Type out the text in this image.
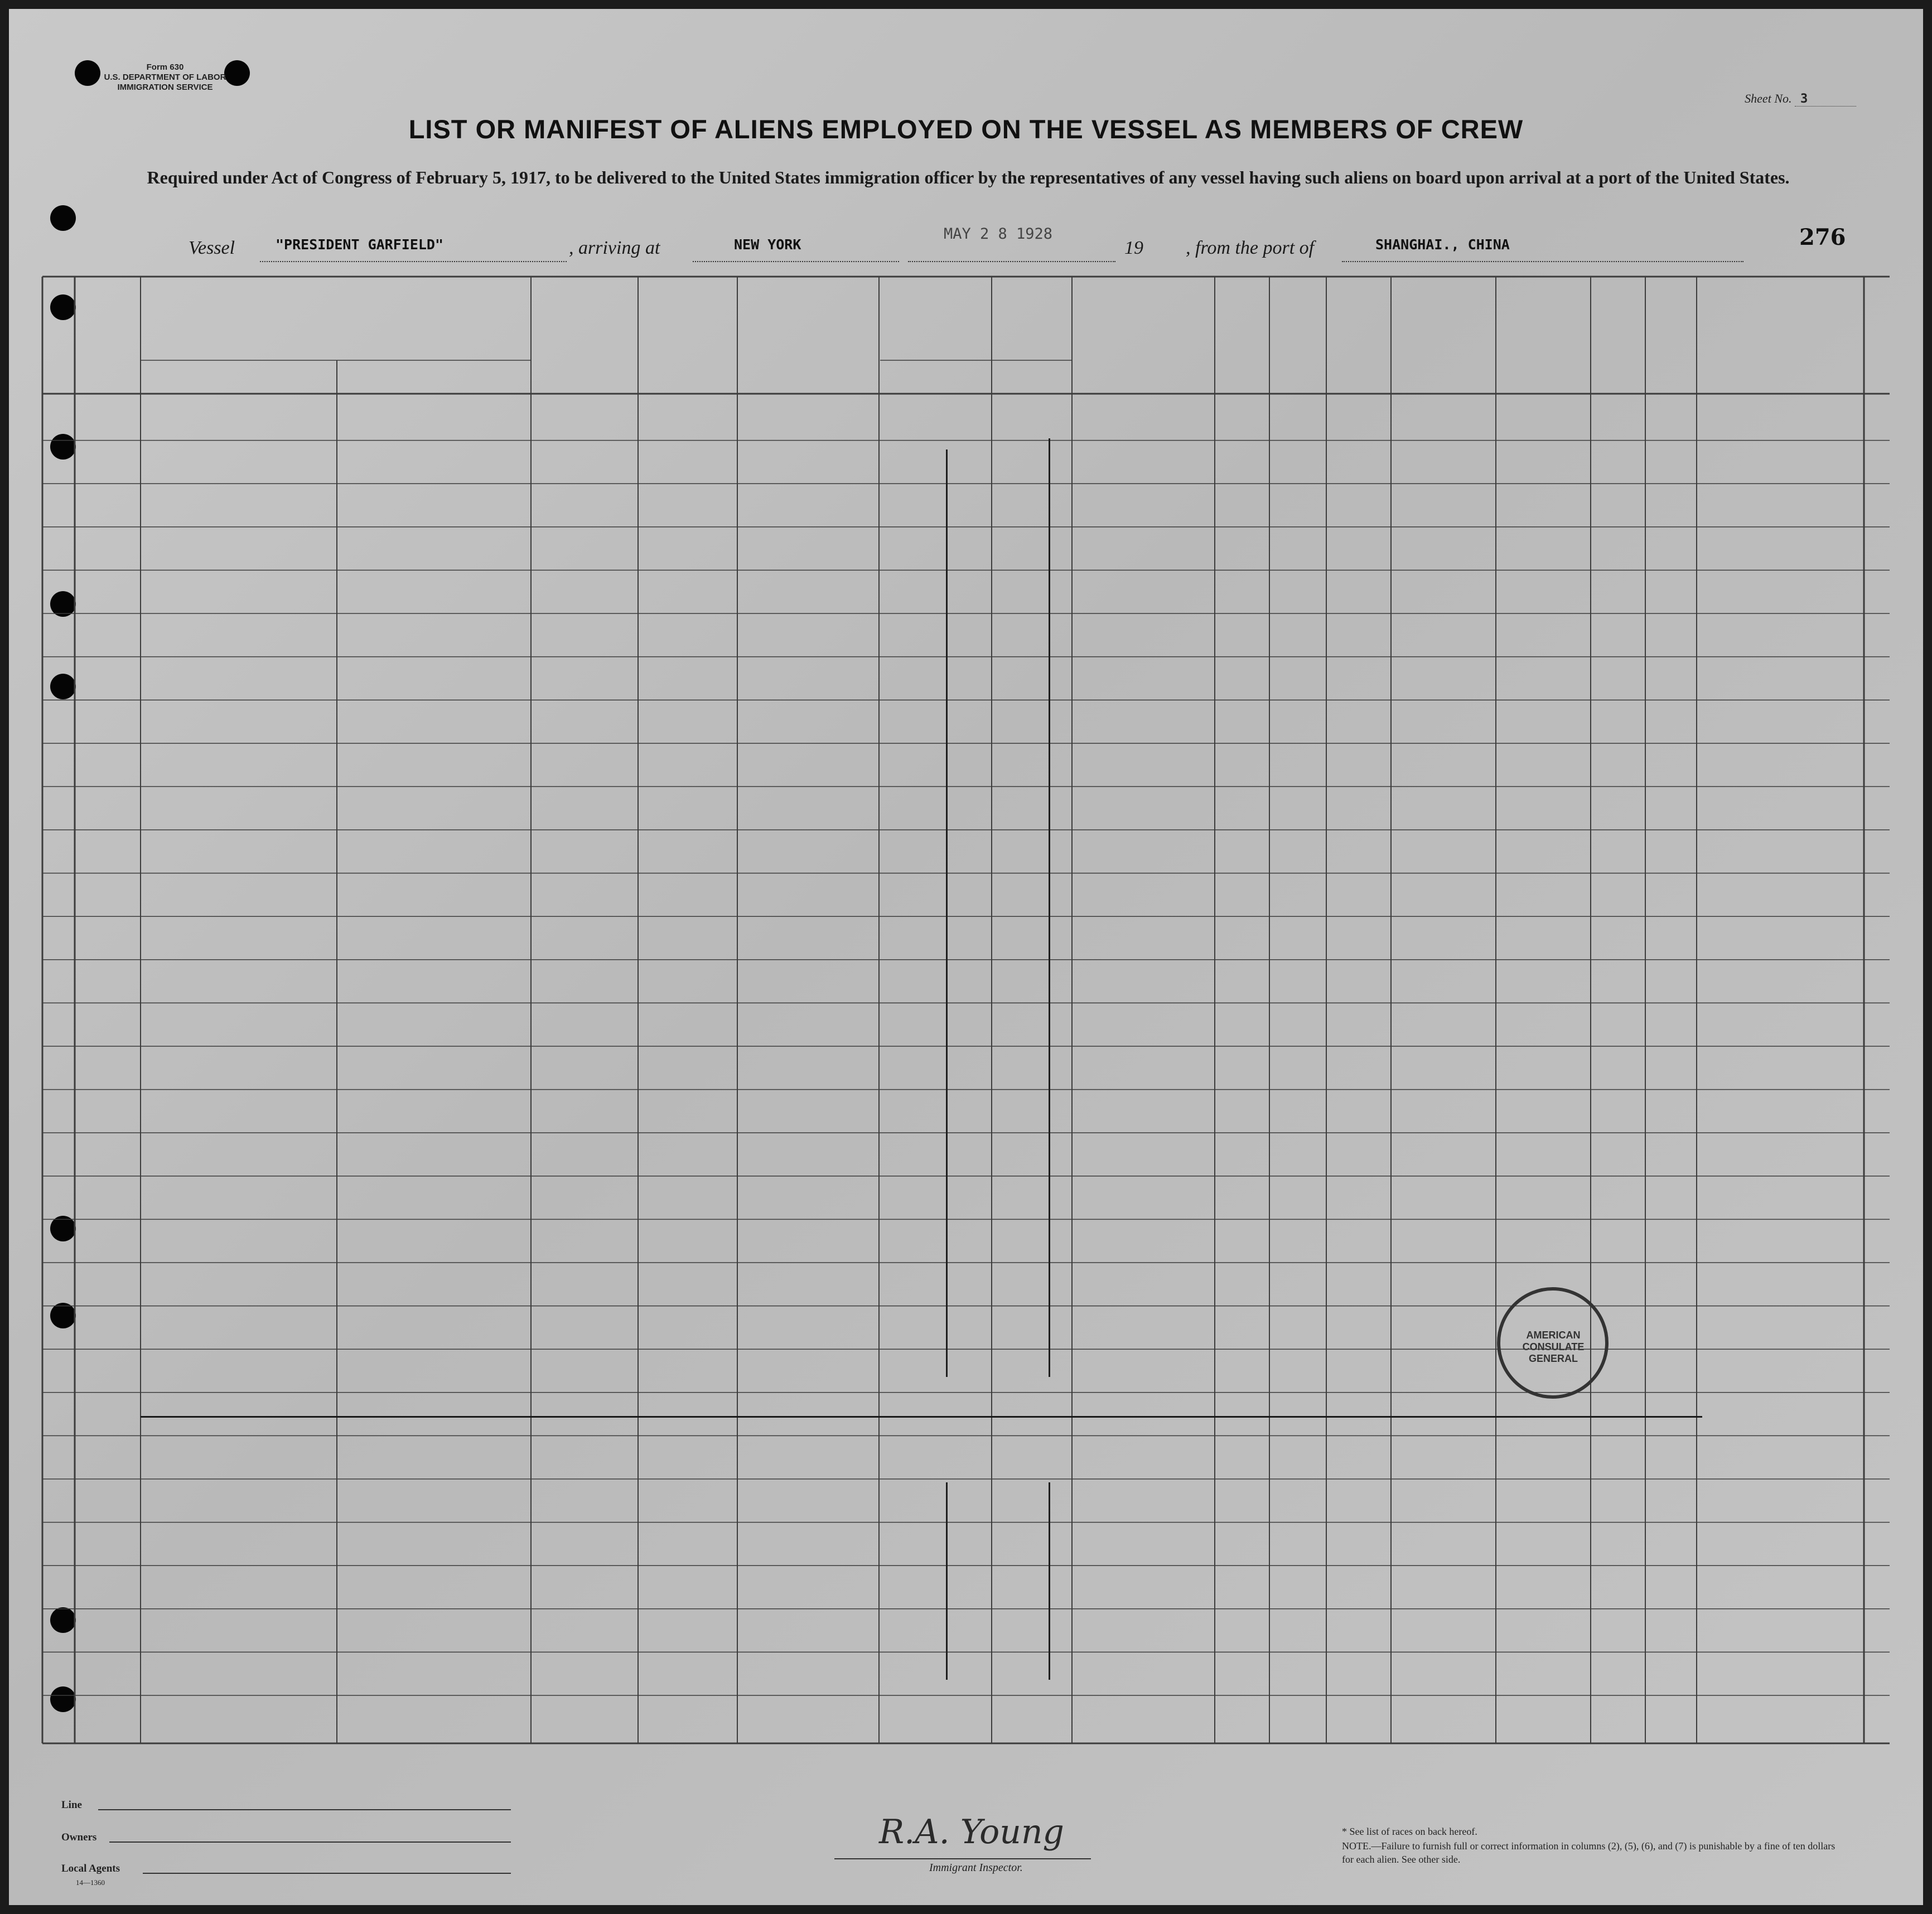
Form 630
U.S. DEPARTMENT OF LABOR
IMMIGRATION SERVICE
Sheet No. 3
LIST OR MANIFEST OF ALIENS EMPLOYED ON THE VESSEL AS MEMBERS OF CREW
Required under Act of Congress of February 5, 1917, to be delivered to the United States immigration officer by the representatives of any vessel having such aliens on board upon arrival at a port of the United States.
Vessel	"PRESIDENT GARFIELD"	, arriving at	NEW YORK
MAY 2 8 1928
19 , from the port of	SHANGHAI., CHINA	276
AMERICAN CONSULATE GENERAL
Line
Owners
Local Agents
14—1360
R.A. Young
Immigrant Inspector.
* See list of races on back hereof.
NOTE.—Failure to furnish full or correct information in columns (2), (5), (6), and (7) is punishable by a fine of ten dollars for each alien. See other side.
